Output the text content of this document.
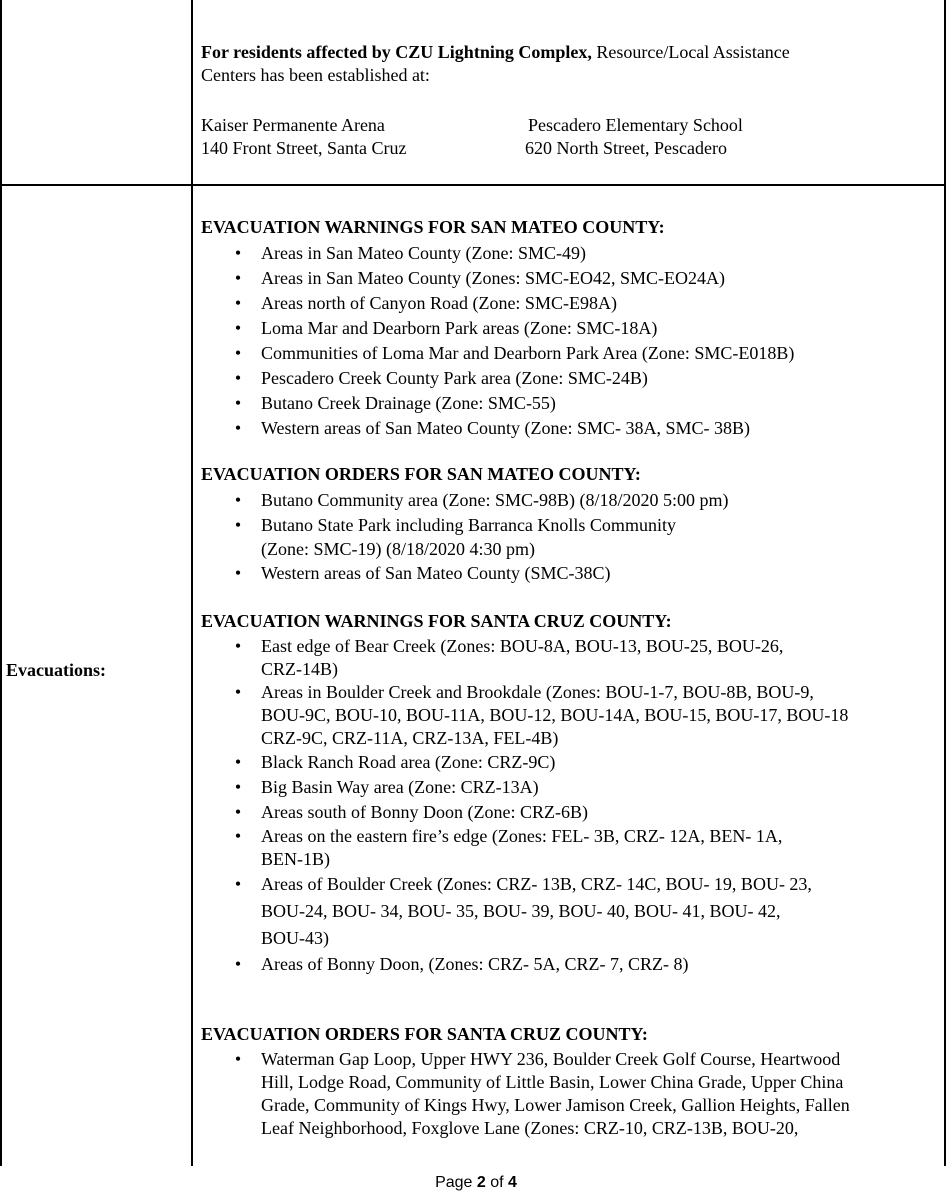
For residents affected by CZU Lightning Complex, Resource/Local Assistance
Centers has been established at:
Kaiser Permanente Arena
140 Front Street, Santa Cruz
Pescadero Elementary School
620 North Street, Pescadero
Evacuations:
EVACUATION WARNINGS FOR SAN MATEO COUNTY:
• Areas in San Mateo County (Zone: SMC-49)
• Areas in San Mateo County (Zones: SMC-EO42, SMC-EO24A)
• Areas north of Canyon Road (Zone: SMC-E98A)
• Loma Mar and Dearborn Park areas (Zone: SMC-18A)
• Communities of Loma Mar and Dearborn Park Area (Zone: SMC-E018B)
• Pescadero Creek County Park area (Zone: SMC-24B)
• Butano Creek Drainage (Zone: SMC-55)
• Western areas of San Mateo County (Zone: SMC- 38A, SMC- 38B)
EVACUATION ORDERS FOR SAN MATEO COUNTY:
• Butano Community area (Zone: SMC-98B) (8/18/2020 5:00 pm)
• Butano State Park including Barranca Knolls Community
(Zone: SMC-19) (8/18/2020 4:30 pm)
• Western areas of San Mateo County (SMC-38C)
EVACUATION WARNINGS FOR SANTA CRUZ COUNTY:
• East edge of Bear Creek (Zones: BOU-8A, BOU-13, BOU-25, BOU-26,
CRZ-14B)
• Areas in Boulder Creek and Brookdale (Zones: BOU-1-7, BOU-8B, BOU-9,
BOU-9C, BOU-10, BOU-11A, BOU-12, BOU-14A, BOU-15, BOU-17, BOU-18
CRZ-9C, CRZ-11A, CRZ-13A, FEL-4B)
• Black Ranch Road area (Zone: CRZ-9C)
• Big Basin Way area (Zone: CRZ-13A)
• Areas south of Bonny Doon (Zone: CRZ-6B)
• Areas on the eastern fire’s edge (Zones: FEL- 3B, CRZ- 12A, BEN- 1A,
BEN-1B)
• Areas of Boulder Creek (Zones: CRZ- 13B, CRZ- 14C, BOU- 19, BOU- 23,
BOU-24, BOU- 34, BOU- 35, BOU- 39, BOU- 40, BOU- 41, BOU- 42,
BOU-43)
• Areas of Bonny Doon, (Zones: CRZ- 5A, CRZ- 7, CRZ- 8)
EVACUATION ORDERS FOR SANTA CRUZ COUNTY:
• Waterman Gap Loop, Upper HWY 236, Boulder Creek Golf Course, Heartwood
Hill, Lodge Road, Community of Little Basin, Lower China Grade, Upper China
Grade, Community of Kings Hwy, Lower Jamison Creek, Gallion Heights, Fallen
Leaf Neighborhood, Foxglove Lane (Zones: CRZ-10, CRZ-13B, BOU-20,
Page 2 of 4
